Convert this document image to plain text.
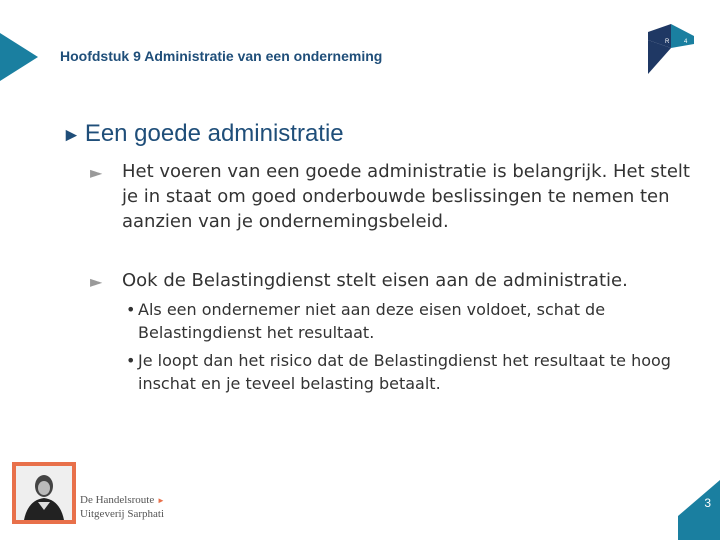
Hoofdstuk 9 Administratie van een onderneming
R 4
► Een goede administratie
► Het voeren van een goede administratie is belangrijk. Het stelt je in staat om goed onderbouwde beslissingen te nemen ten aanzien van je ondernemingsbeleid.
► Ook de Belastingdienst stelt eisen aan de administratie.
• Als een ondernemer niet aan deze eisen voldoet, schat de Belastingdienst het resultaat.
• Je loopt dan het risico dat de Belastingdienst het resultaat te hoog inschat en je teveel belasting betaalt.
De Handelsroute ►
Uitgeverij Sarphati
3
